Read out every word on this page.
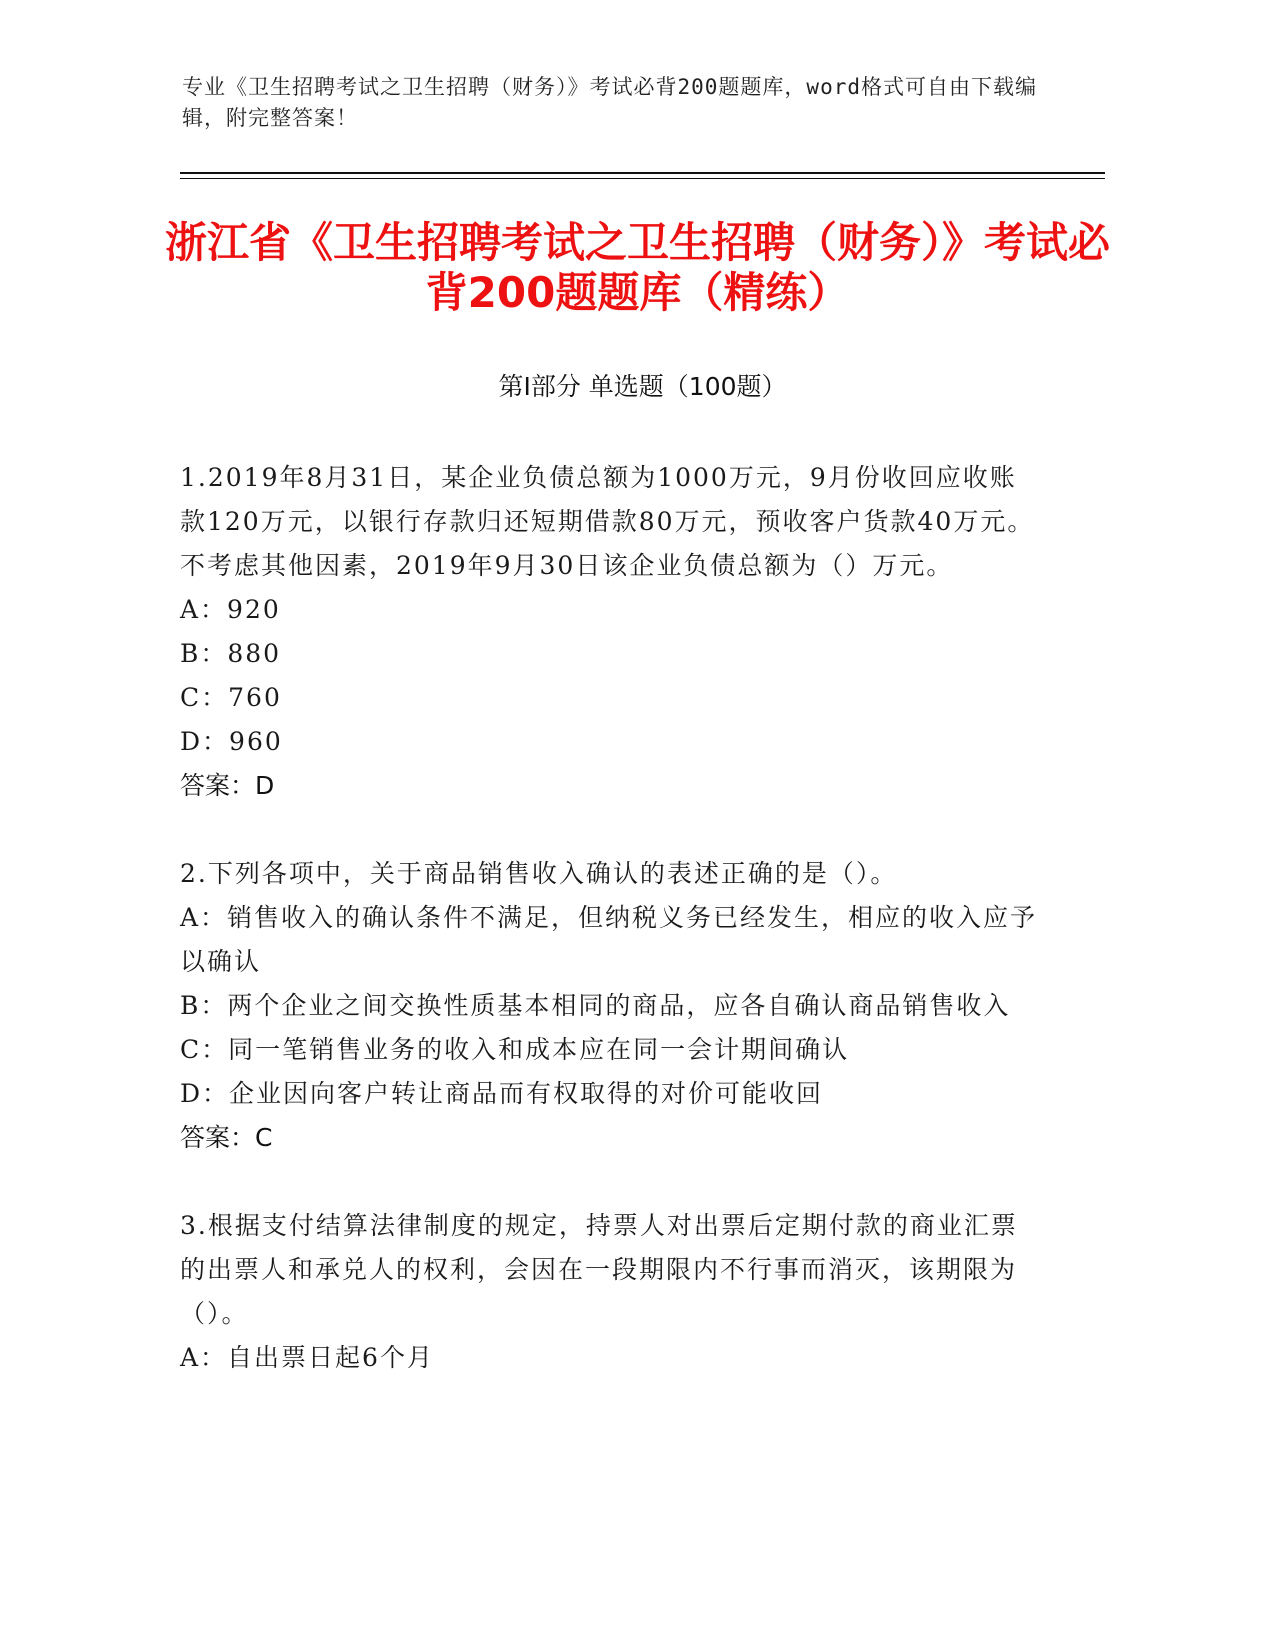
专业《卫生招聘考试之卫生招聘（财务）》考试必背200题题库，word格式可自由下载编辑，附完整答案！
浙江省《卫生招聘考试之卫生招聘（财务）》考试必背200题题库（精练）
第Ⅰ部分 单选题（100题）

1.2019年8月31日，某企业负债总额为1000万元，9月份收回应收账款120万元，以银行存款归还短期借款80万元，预收客户货款40万元。不考虑其他因素，2019年9月30日该企业负债总额为（）万元。

A：920

B：880

C：760

D：960

答案：D

2.下列各项中，关于商品销售收入确认的表述正确的是（）。

A：销售收入的确认条件不满足，但纳税义务已经发生，相应的收入应予以确认

B：两个企业之间交换性质基本相同的商品，应各自确认商品销售收入

C：同一笔销售业务的收入和成本应在同一会计期间确认

D：企业因向客户转让商品而有权取得的对价可能收回

答案：C

3.根据支付结算法律制度的规定，持票人对出票后定期付款的商业汇票的出票人和承兑人的权利，会因在一段期限内不行事而消灭，该期限为（）。

A：自出票日起6个月
